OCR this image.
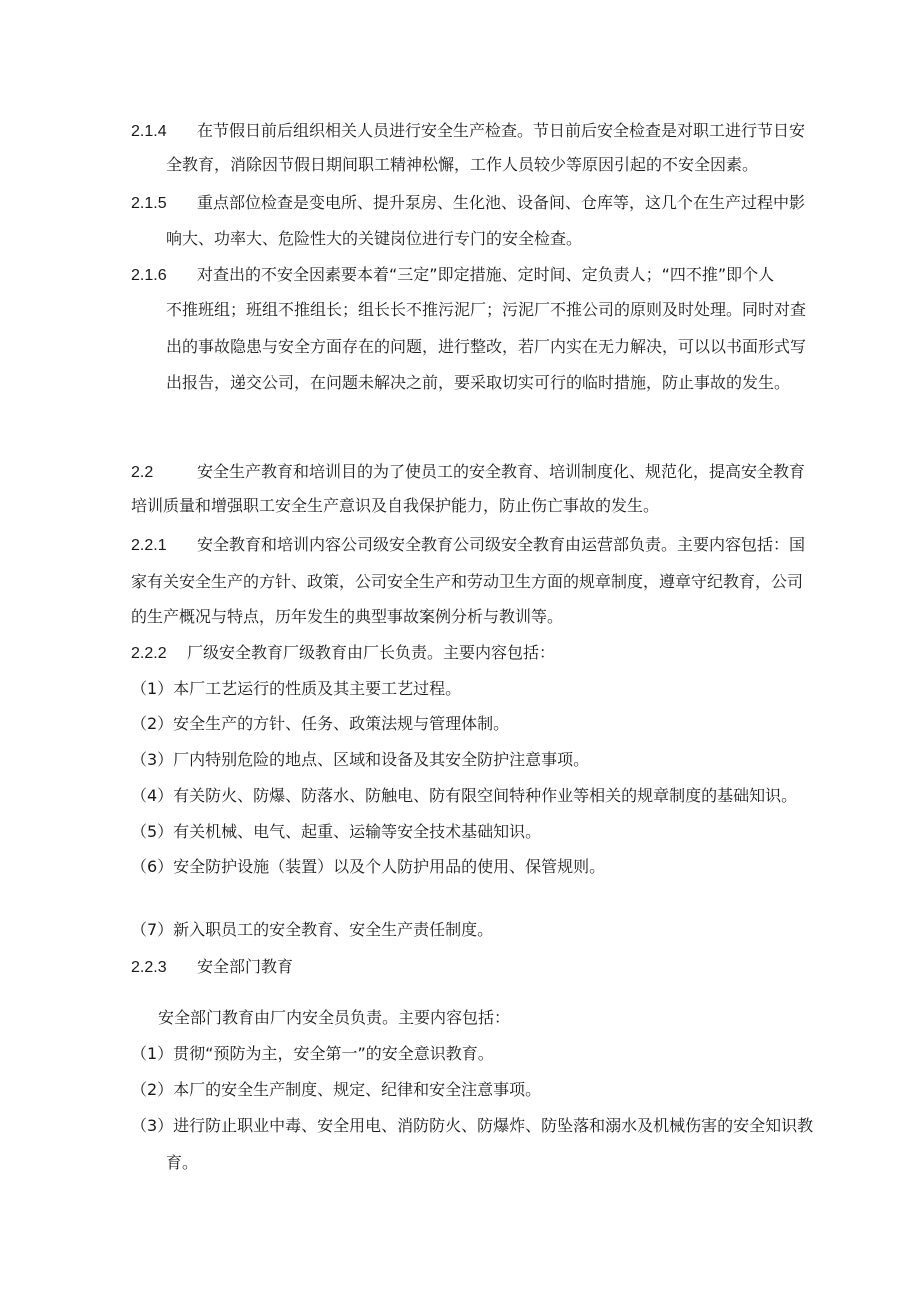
2.1.4 在节假日前后组织相关人员进行安全生产检查。节日前后安全检查是对职工进行节日安
全教育，消除因节假日期间职工精神松懈，工作人员较少等原因引起的不安全因素。
2.1.5 重点部位检查是变电所、提升泵房、生化池、设备间、仓库等，这几个在生产过程中影
响大、功率大、危险性大的关键岗位进行专门的安全检查。
2.1.6 对查出的不安全因素要本着“三定”即定措施、定时间、定负责人；“四不推”即个人
不推班组；班组不推组长；组长长不推污泥厂；污泥厂不推公司的原则及时处理。同时对查
出的事故隐患与安全方面存在的问题，进行整改，若厂内实在无力解决，可以以书面形式写
出报告，递交公司，在问题未解决之前，要采取切实可行的临时措施，防止事故的发生。
2.2	安全生产教育和培训目的为了使员工的安全教育、培训制度化、规范化，提高安全教育
培训质量和增强职工安全生产意识及自我保护能力，防止伤亡事故的发生。
2.2.1 安全教育和培训内容公司级安全教育公司级安全教育由运营部负责。主要内容包括：国
家有关安全生产的方针、政策，公司安全生产和劳动卫生方面的规章制度，遵章守纪教育，公司
的生产概况与特点，历年发生的典型事故案例分析与教训等。
2.2.2 厂级安全教育厂级教育由厂长负责。主要内容包括：
（1）本厂工艺运行的性质及其主要工艺过程。
（2）安全生产的方针、任务、政策法规与管理体制。
（3）厂内特别危险的地点、区域和设备及其安全防护注意事项。
（4）有关防火、防爆、防落水、防触电、防有限空间特种作业等相关的规章制度的基础知识。
（5）有关机械、电气、起重、运输等安全技术基础知识。
（6）安全防护设施（装置）以及个人防护用品的使用、保管规则。
（7）新入职员工的安全教育、安全生产责任制度。
2.2.3 安全部门教育
安全部门教育由厂内安全员负责。主要内容包括：
（1）贯彻“预防为主，安全第一”的安全意识教育。
（2）本厂的安全生产制度、规定、纪律和安全注意事项。
（3）进行防止职业中毒、安全用电、消防防火、防爆炸、防坠落和溺水及机械伤害的安全知识教
育。
